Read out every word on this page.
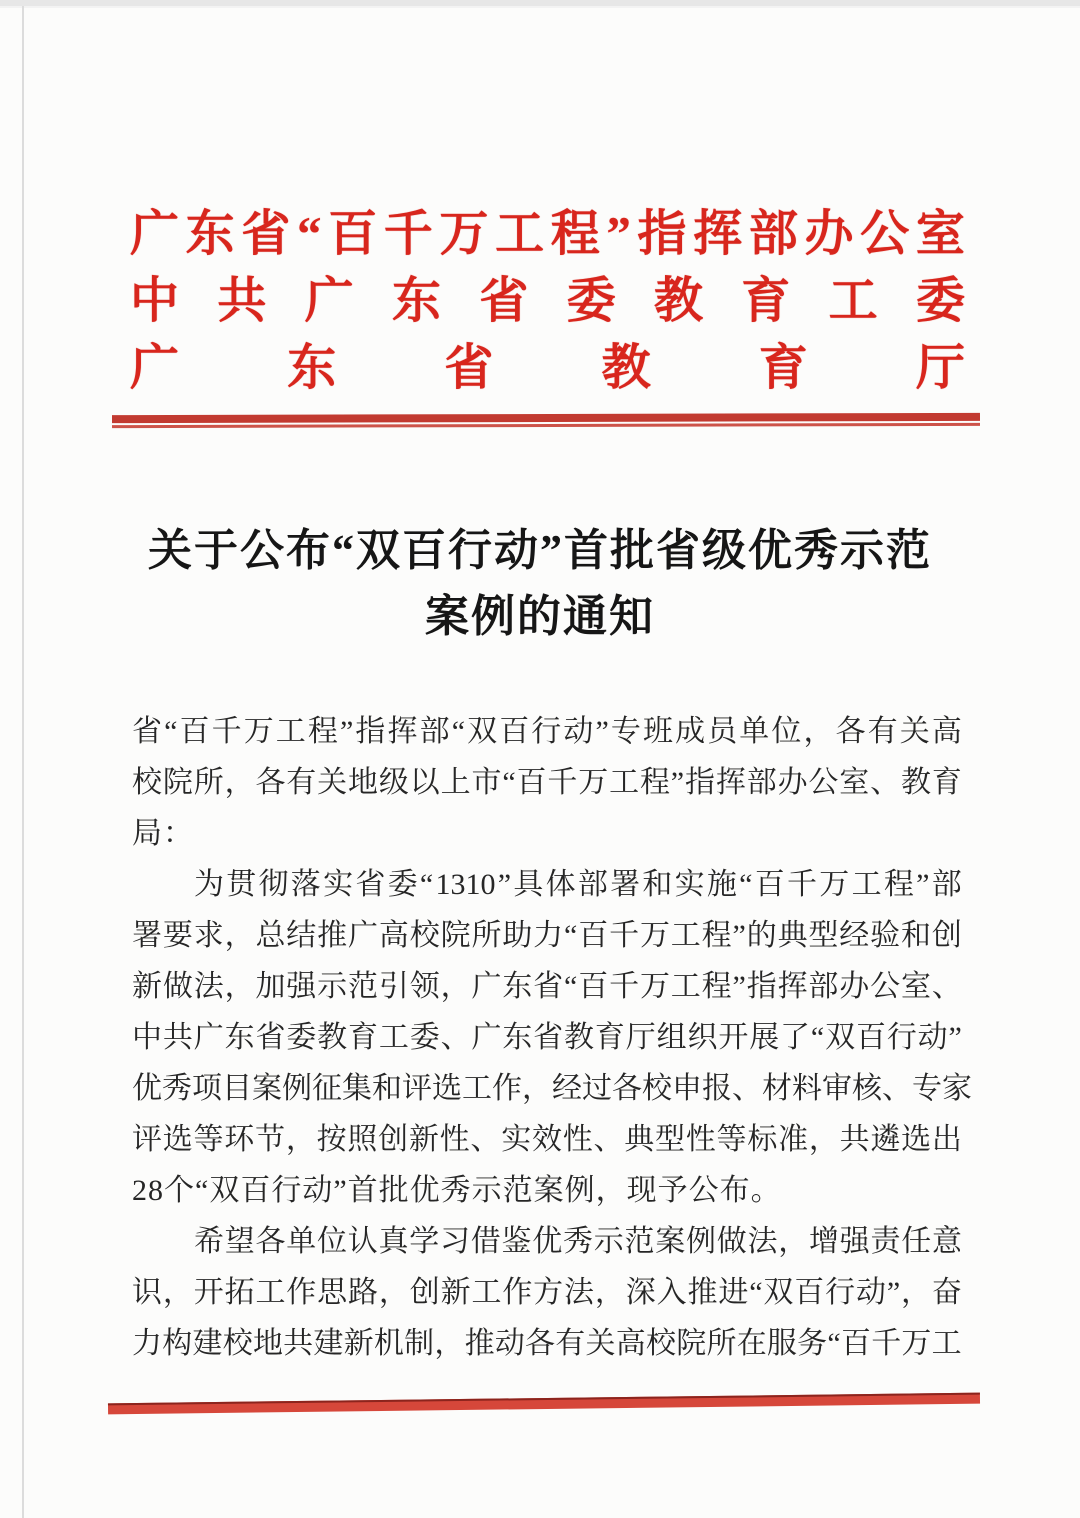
广 东 省 “ 百 千 万 工 程 ” 指 挥 部 办 公 室
中 共 广 东 省 委 教 育 工 委
广 东 省 教 育 厅
关于公布“双百行动”首批省级优秀示范
案例的通知
省 “ 百 千 万 工 程 ” 指 挥 部 “ 双 百 行 动 ” 专 班 成 员 单 位 ， 各 有 关 高
校 院 所 ， 各 有 关 地 级 以 上 市 “ 百 千 万 工 程 ” 指 挥 部 办 公 室 、 教 育
局：
为 贯 彻 落 实 省 委 “ 1310 ” 具 体 部 署 和 实 施 “ 百 千 万 工 程 ” 部
署 要 求 ， 总 结 推 广 高 校 院 所 助 力 “ 百 千 万 工 程 ” 的 典 型 经 验 和 创
新 做 法 ， 加 强 示 范 引 领 ， 广 东 省 “ 百 千 万 工 程 ” 指 挥 部 办 公 室 、
中 共 广 东 省 委 教 育 工 委 、 广 东 省 教 育 厅 组 织 开 展 了 “ 双 百 行 动 ”
优 秀 项 目 案 例 征 集 和 评 选 工 作 ， 经 过 各 校 申 报 、 材 料 审 核 、 专 家
评 选 等 环 节 ， 按 照 创 新 性 、 实 效 性 、 典 型 性 等 标 准 ， 共 遴 选 出
28个“双百行动”首批优秀示范案例，现予公布。
希 望 各 单 位 认 真 学 习 借 鉴 优 秀 示 范 案 例 做 法 ， 增 强 责 任 意
识 ， 开 拓 工 作 思 路 ， 创 新 工 作 方 法 ， 深 入 推 进 “ 双 百 行 动 ” ， 奋
力 构 建 校 地 共 建 新 机 制 ， 推 动 各 有 关 高 校 院 所 在 服 务 “ 百 千 万 工
